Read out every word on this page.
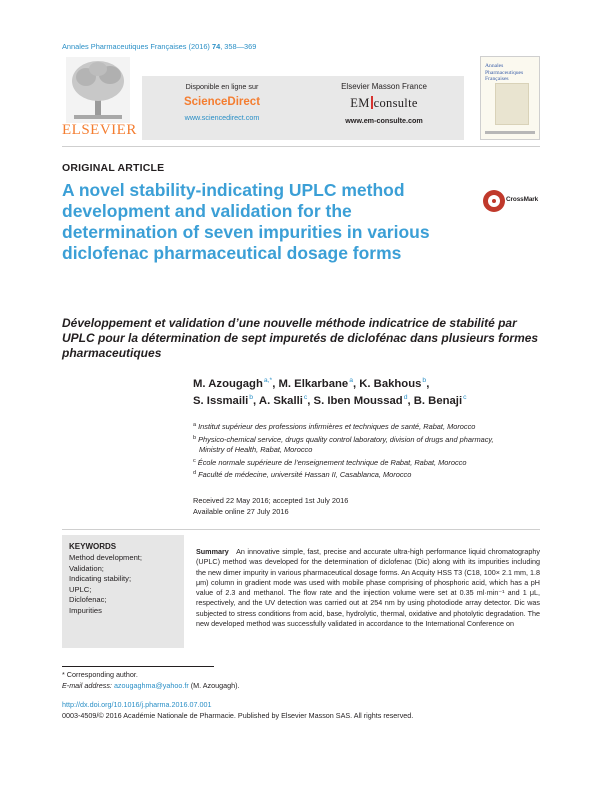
Annales Pharmaceutiques Françaises (2016) 74, 358—369
ELSEVIER
Disponible en ligne sur
ScienceDirect
www.sciencedirect.com
Elsevier Masson France
EM consulte
www.em-consulte.com
Annales Pharmaceutiques Françaises
ORIGINAL ARTICLE
A novel stability-indicating UPLC method development and validation for the determination of seven impurities in various diclofenac pharmaceutical dosage forms
CrossMark

Développement et validation d’une nouvelle méthode indicatrice de stabilité par UPLC pour la détermination de sept impuretés de diclofénac dans plusieurs formes pharmaceutiques

M. Azougagh$^{a,*}$, M. Elkarbane$^a$, K. Bakhous$^b$,
S. Issmaili$^b$, A. Skalli$^c$, S. Iben Moussad$^d$, B. Benaji$^c$
$^a$ Institut supérieur des professions infirmières et techniques de santé, Rabat, Morocco
$^b$ Physico-chemical service, drugs quality control laboratory, division of drugs and pharmacy,
Ministry of Health, Rabat, Morocco
$^c$ École normale supérieure de l’enseignement technique de Rabat, Rabat, Morocco
$^d$ Faculté de médecine, université Hassan II, Casablanca, Morocco
Received 22 May 2016; accepted 1st July 2016
Available online 27 July 2016
KEYWORDS
Method development;
Validation;
Indicating stability;
UPLC;
Diclofenac;
Impurities

Summary An innovative simple, fast, precise and accurate ultra-high performance liquid chromatography (UPLC) method was developed for the determination of diclofenac (Dic) along with its impurities including the new dimer impurity in various pharmaceutical dosage forms. An Acquity HSS T3 (C18, 100× 2.1 mm, 1.8 μm) column in gradient mode was used with mobile phase comprising of phosphoric acid, which has a pH value of 2.3 and methanol. The flow rate and the injection volume were set at 0.35 ml·min⁻¹ and 1 μL, respectively, and the UV detection was carried out at 254 nm by using photodiode array detector. Dic was subjected to stress conditions from acid, base, hydrolytic, thermal, oxidative and photolytic degradation. The new developed method was successfully validated in accordance to the International Conference on

* Corresponding author.
E-mail address: azougaghma@yahoo.fr (M. Azougagh).
http://dx.doi.org/10.1016/j.pharma.2016.07.001
0003-4509/© 2016 Académie Nationale de Pharmacie. Published by Elsevier Masson SAS. All rights reserved.
